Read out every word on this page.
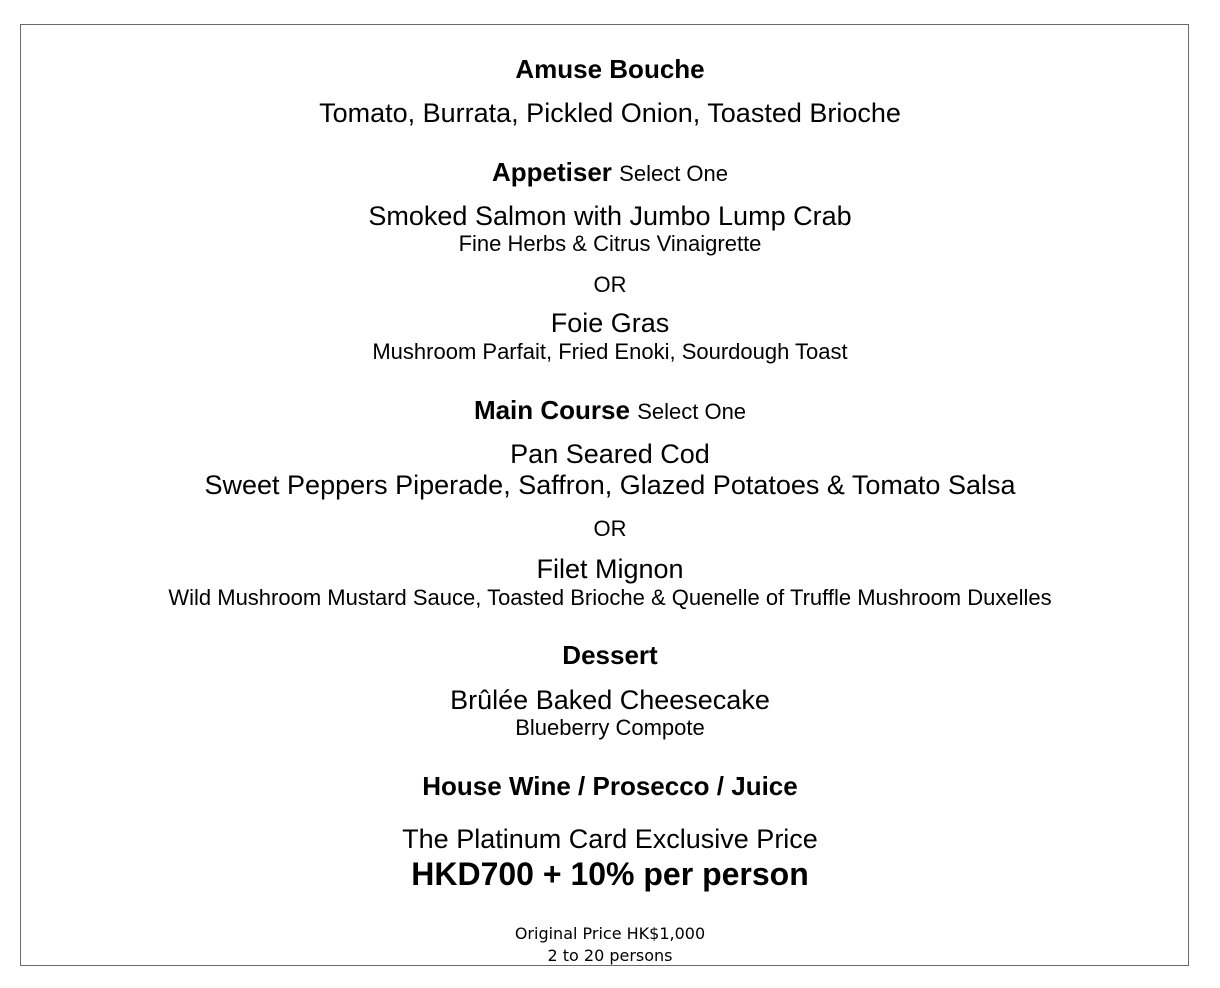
Amuse Bouche
Tomato, Burrata, Pickled Onion, Toasted Brioche
Appetiser Select One
Smoked Salmon with Jumbo Lump Crab
Fine Herbs & Citrus Vinaigrette
OR
Foie Gras
Mushroom Parfait, Fried Enoki, Sourdough Toast
Main Course Select One
Pan Seared Cod
Sweet Peppers Piperade, Saffron, Glazed Potatoes & Tomato Salsa
OR
Filet Mignon
Wild Mushroom Mustard Sauce, Toasted Brioche & Quenelle of Truffle Mushroom Duxelles
Dessert
Brûlée Baked Cheesecake
Blueberry Compote
House Wine / Prosecco / Juice
The Platinum Card Exclusive Price
HKD700 + 10% per person
Original Price HK$1,000
2 to 20 persons
